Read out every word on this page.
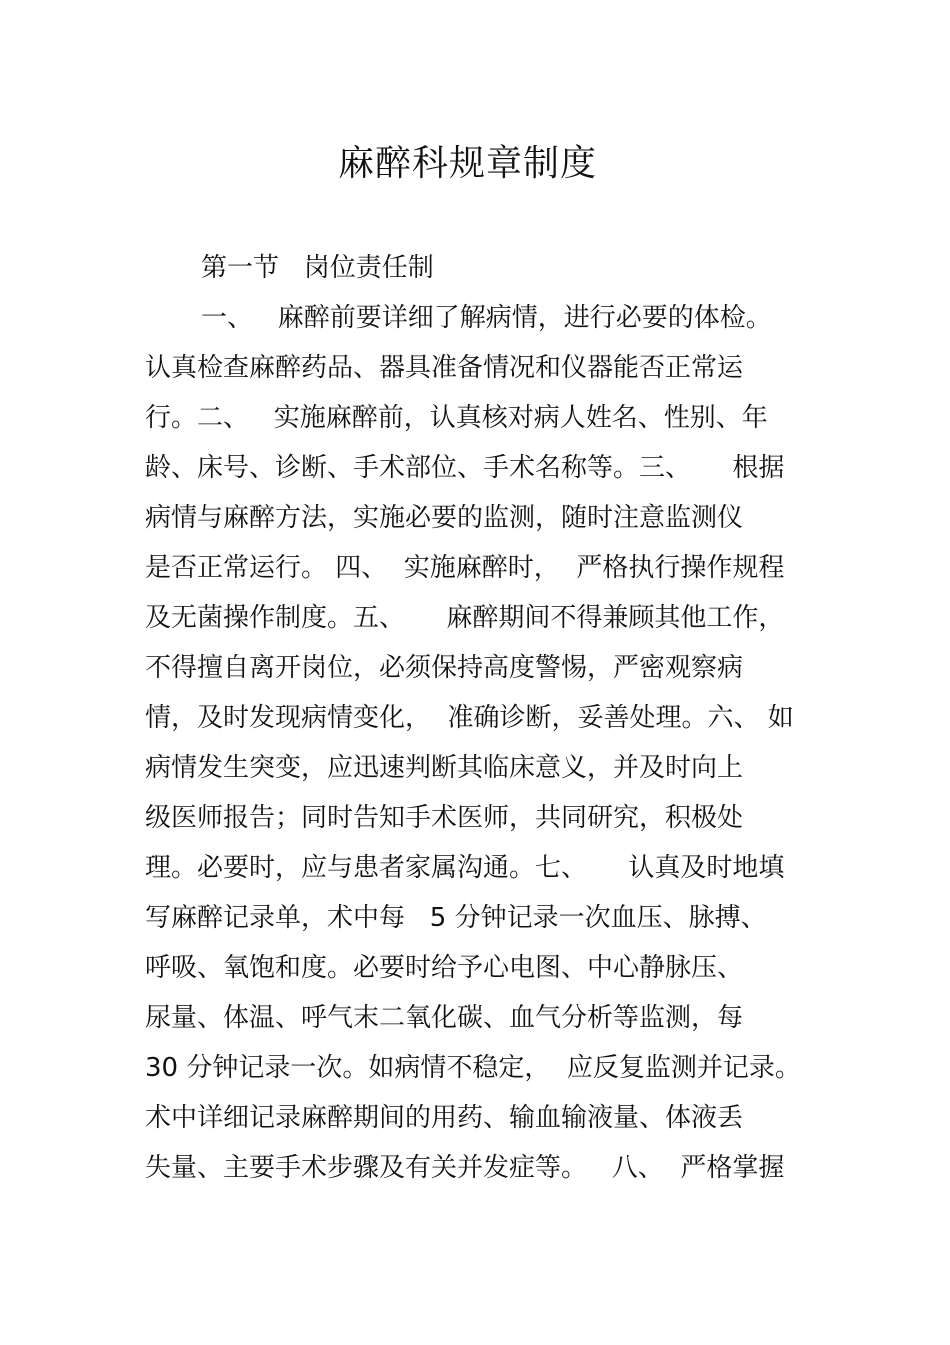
麻醉科规章制度
第一节   岗位责任制
一、   麻醉前要详细了解病情，进行必要的体检。
认真检查麻醉药品、器具准备情况和仪器能否正常运
行。二、   实施麻醉前，认真核对病人姓名、性别、年
龄、床号、诊断、手术部位、手术名称等。三、     根据
病情与麻醉方法，实施必要的监测，随时注意监测仪
是否正常运行。 四、  实施麻醉时，  严格执行操作规程
及无菌操作制度。五、     麻醉期间不得兼顾其他工作，
不得擅自离开岗位，必须保持高度警惕，严密观察病
情，及时发现病情变化，  准确诊断，妥善处理。六、 如
病情发生突变，应迅速判断其临床意义，并及时向上
级医师报告；同时告知手术医师，共同研究，积极处
理。必要时，应与患者家属沟通。七、     认真及时地填
写麻醉记录单，术中每   5 分钟记录一次血压、脉搏、
呼吸、氧饱和度。必要时给予心电图、中心静脉压、
尿量、体温、呼气末二氧化碳、血气分析等监测，每
30 分钟记录一次。如病情不稳定，  应反复监测并记录。
术中详细记录麻醉期间的用药、输血输液量、体液丢
失量、主要手术步骤及有关并发症等。   八、  严格掌握
